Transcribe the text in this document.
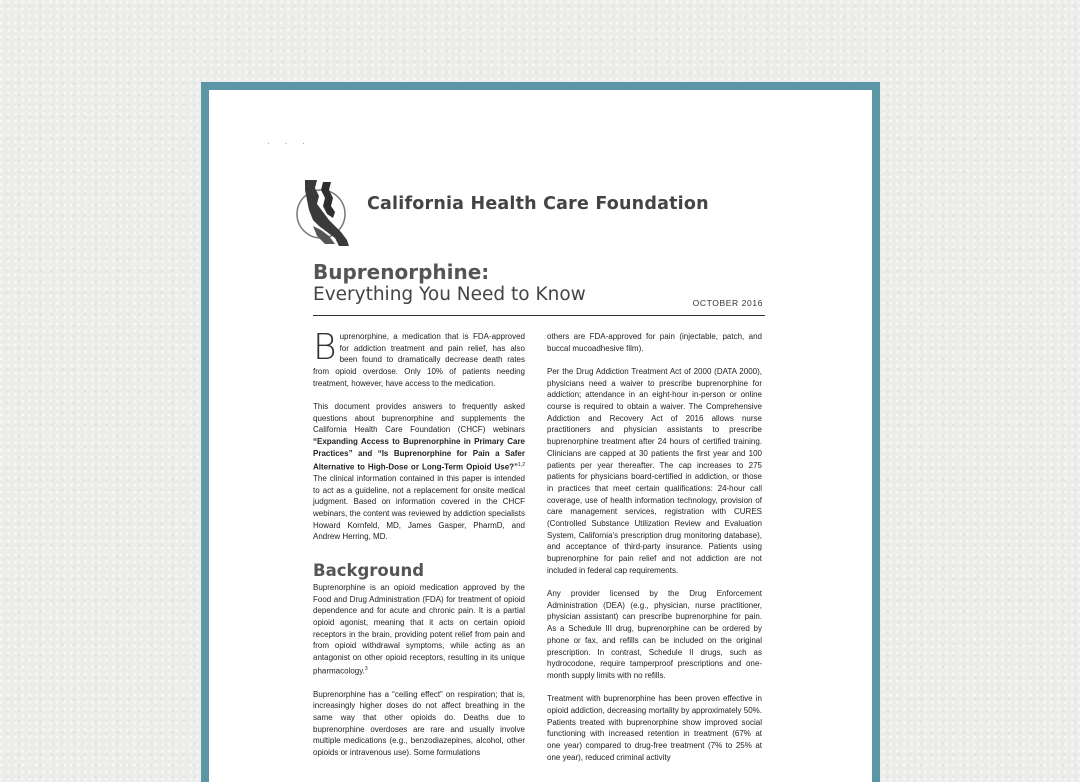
· · ·
California Health Care Foundation
Buprenorphine:
Everything You Need to Know	OCTOBER 2016

Buprenorphine, a medication that is FDA-approved for addiction treatment and pain relief, has also been found to dramatically decrease death rates from opioid overdose. Only 10% of patients needing treatment, however, have access to the medication.

This document provides answers to frequently asked questions about buprenorphine and supplements the California Health Care Foundation (CHCF) webinars “Expanding Access to Buprenorphine in Primary Care Practices” and “Is Buprenorphine for Pain a Safer Alternative to High-Dose or Long-Term Opioid Use?”$^{1,2}$ The clinical information contained in this paper is intended to act as a guideline, not a replacement for onsite medical judgment. Based on information covered in the CHCF webinars, the content was reviewed by addiction specialists Howard Kornfeld, MD, James Gasper, PharmD, and Andrew Herring, MD.

Background

Buprenorphine is an opioid medication approved by the Food and Drug Administration (FDA) for treatment of opioid dependence and for acute and chronic pain. It is a partial opioid agonist, meaning that it acts on certain opioid receptors in the brain, providing potent relief from pain and from opioid withdrawal symptoms, while acting as an antagonist on other opioid receptors, resulting in its unique pharmacology.$^3$

Buprenorphine has a “ceiling effect” on respiration; that is, increasingly higher doses do not affect breathing in the same way that other opioids do. Deaths due to buprenorphine overdoses are rare and usually involve multiple medications (e.g., benzodiazepines, alcohol, other opioids or intravenous use). Some formulations

others are FDA-approved for pain (injectable, patch, and buccal mucoadhesive film).

Per the Drug Addiction Treatment Act of 2000 (DATA 2000), physicians need a waiver to prescribe buprenorphine for addiction; attendance in an eight-hour in-person or online course is required to obtain a waiver. The Comprehensive Addiction and Recovery Act of 2016 allows nurse practitioners and physician assistants to prescribe buprenorphine treatment after 24 hours of certified training. Clinicians are capped at 30 patients the first year and 100 patients per year thereafter. The cap increases to 275 patients for physicians board-certified in addiction, or those in practices that meet certain qualifications: 24-hour call coverage, use of health information technology, provision of care management services, registration with CURES (Controlled Substance Utilization Review and Evaluation System, California's prescription drug monitoring database), and acceptance of third-party insurance. Patients using buprenorphine for pain relief and not addiction are not included in federal cap requirements.

Any provider licensed by the Drug Enforcement Administration (DEA) (e.g., physician, nurse practitioner, physician assistant) can prescribe buprenorphine for pain. As a Schedule III drug, buprenorphine can be ordered by phone or fax, and refills can be included on the original prescription. In contrast, Schedule II drugs, such as hydrocodone, require tamperproof prescriptions and one-month supply limits with no refills.

Treatment with buprenorphine has been proven effective in opioid addiction, decreasing mortality by approximately 50%. Patients treated with buprenorphine show improved social functioning with increased retention in treatment (67% at one year) compared to drug-free treatment (7% to 25% at one year), reduced criminal activity
